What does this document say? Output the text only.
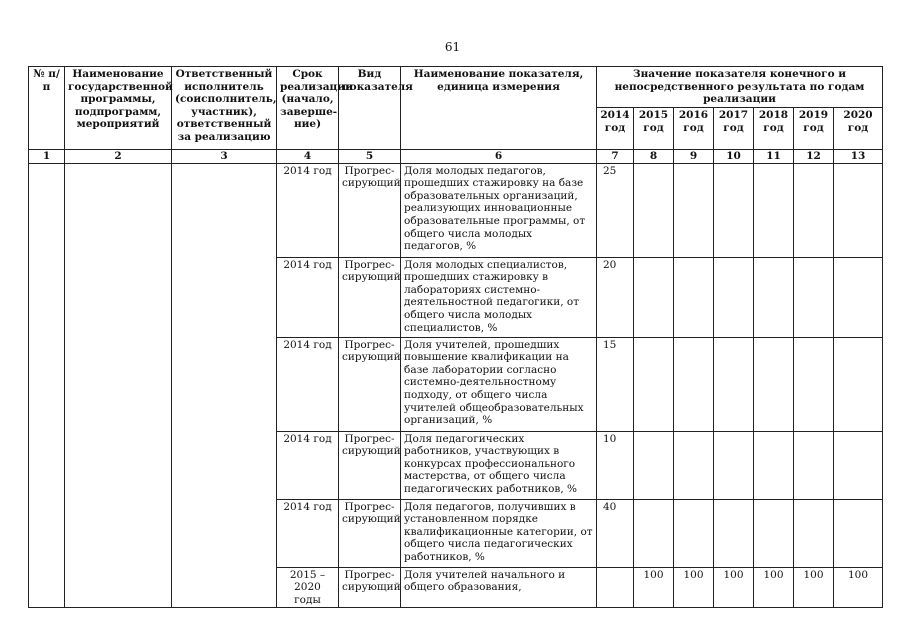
61
№ п/п	Наименование государственной программы, подпрограмм, мероприятий	Ответственный исполнитель (соисполнитель, участник), ответственный за реализацию	Срок реализации (начало, заверше-ние)	Вид показателя	Наименование показателя, единица измерения	Значение показателя конечного и непосредственного результата по годам реализации						
						2014 год	2015 год	2016 год	2017 год	2018 год	2019 год	2020 год
1	2	3	4	5	6	7	8	9	10	11	12	13
			2014 год	Прогрес-сирующий	Доля молодых педагогов, прошедших стажировку на базе образовательных организаций, реализующих инновационные образовательные программы, от общего числа молодых педагогов, %	25						
			2014 год	Прогрес-сирующий	Доля молодых специалистов, прошедших стажировку в лабораториях системно-деятельностной педагогики, от общего числа молодых специалистов, %	20						
			2014 год	Прогрес-сирующий	Доля учителей, прошедших повышение квалификации на базе лаборатории согласно системно-деятельностному подходу, от общего числа учителей общеобразовательных организаций, %	15						
			2014 год	Прогрес-сирующий	Доля педагогических работников, участвующих в конкурсах профессионального мастерства, от общего числа педагогических работников, %	10						
			2014 год	Прогрес-сирующий	Доля педагогов, получивших в установленном порядке квалификационные категории, от общего числа педагогических работников, %	40						
			2015 – 2020 годы	Прогрес-сирующий	Доля учителей начального и общего образования,		100	100	100	100	100	100
